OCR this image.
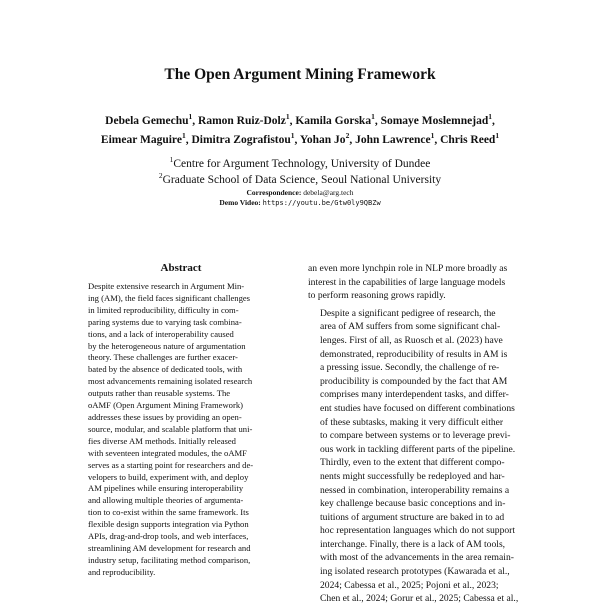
The Open Argument Mining Framework
Debela Gemechu$^1$, Ramon Ruiz-Dolz$^1$, Kamila Gorska$^1$, Somaye Moslemnejad$^1$,
Eimear Maguire$^1$, Dimitra Zografistou$^1$, Yohan Jo$^2$, John Lawrence$^1$, Chris Reed$^1$
$^1$Centre for Argument Technology, University of Dundee
$^2$Graduate School of Data Science, Seoul National University
Correspondence: debela@arg.tech
Demo Video: https://youtu.be/Gtw0ly9QBZw
Abstract
Despite extensive research in Argument Min-
ing (AM), the field faces significant challenges
in limited reproducibility, difficulty in com-
paring systems due to varying task combina-
tions, and a lack of interoperability caused
by the heterogeneous nature of argumentation
theory. These challenges are further exacer-
bated by the absence of dedicated tools, with
most advancements remaining isolated research
outputs rather than reusable systems. The
oAMF (Open Argument Mining Framework)
addresses these issues by providing an open-
source, modular, and scalable platform that uni-
fies diverse AM methods. Initially released
with seventeen integrated modules, the oAMF
serves as a starting point for researchers and de-
velopers to build, experiment with, and deploy
AM pipelines while ensuring interoperability
and allowing multiple theories of argumenta-
tion to co-exist within the same framework. Its
flexible design supports integration via Python
APIs, drag-and-drop tools, and web interfaces,
streamlining AM development for research and
industry setup, facilitating method comparison,
and reproducibility.

an even more lynchpin role in NLP more broadly as
interest in the capabilities of large language models
to perform reasoning grows rapidly.

Despite a significant pedigree of research, the
area of AM suffers from some significant chal-
lenges. First of all, as Ruosch et al. (2023) have
demonstrated, reproducibility of results in AM is
a pressing issue. Secondly, the challenge of re-
producibility is compounded by the fact that AM
comprises many interdependent tasks, and differ-
ent studies have focused on different combinations
of these subtasks, making it very difficult either
to compare between systems or to leverage previ-
ous work in tackling different parts of the pipeline.
Thirdly, even to the extent that different compo-
nents might successfully be redeployed and har-
nessed in combination, interoperability remains a
key challenge because basic conceptions and in-
tuitions of argument structure are baked in to ad
hoc representation languages which do not support
interchange. Finally, there is a lack of AM tools,
with most of the advancements in the area remain-
ing isolated research prototypes (Kawarada et al.,
2024; Cabessa et al., 2025; Pojoni et al., 2023;
Chen et al., 2024; Gorur et al., 2025; Cabessa et al.,
